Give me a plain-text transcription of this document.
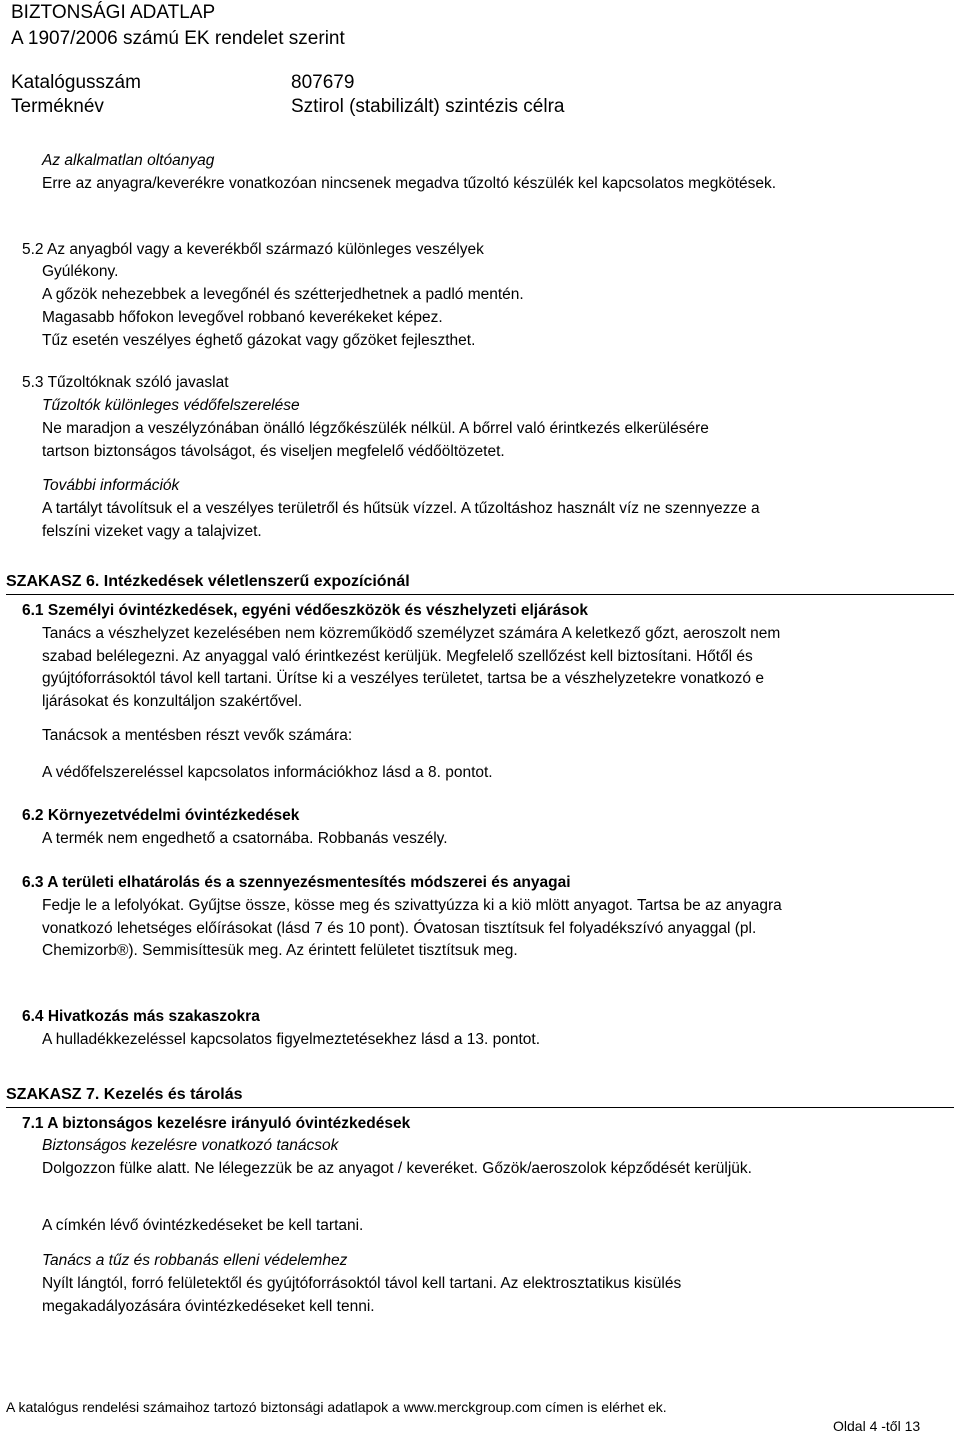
BIZTONSÁGI ADATLAP
A 1907/2006 számú EK rendelet szerint
Katalógusszám	807679
Terméknév	Sztirol (stabilizált) szintézis célra
Az alkalmatlan oltóanyag
Erre az anyagra/keverékre vonatkozóan nincsenek megadva tűzoltó készülék kel kapcsolatos megkötések.
5.2 Az anyagból vagy a keverékből származó különleges veszélyek
Gyúlékony.
A gőzök nehezebbek a levegőnél és szétterjedhetnek a padló mentén.
Magasabb hőfokon levegővel robbanó keverékeket képez.
Tűz esetén veszélyes éghető gázokat vagy gőzöket fejleszthet.
5.3 Tűzoltóknak szóló javaslat
Tűzoltók különleges védőfelszerelése
Ne maradjon a veszélyzónában önálló légzőkészülék nélkül. A bőrrel való érintkezés elkerülésére tartson biztonságos távolságot, és viseljen megfelelő védőöltözetet.
További információk
A tartályt távolítsuk el a veszélyes területről és hűtsük vízzel. A tűzoltáshoz használt víz ne szennyezze a felszíni vizeket vagy a talajvizet.
SZAKASZ 6. Intézkedések véletlenszerű expozíciónál
6.1 Személyi óvintézkedések, egyéni védőeszközök és vészhelyzeti eljárások
Tanács a vészhelyzet kezelésében nem közreműködő személyzet számára A keletkező gőzt, aeroszolt nem szabad belélegezni. Az anyaggal való érintkezést kerüljük. Megfelelő szellőzést kell biztosítani. Hőtől és gyújtóforrásoktól távol kell tartani. Ürítse ki a veszélyes területet, tartsa be a vészhelyzetekre vonatkozó e ljárásokat és konzultáljon szakértővel.
Tanácsok a mentésben részt vevők számára:
A védőfelszereléssel kapcsolatos információkhoz lásd a 8. pontot.
6.2 Környezetvédelmi óvintézkedések
A termék nem engedhető a csatornába. Robbanás veszély.
6.3 A területi elhatárolás és a szennyezésmentesítés módszerei és anyagai
Fedje le a lefolyókat. Gyűjtse össze, kösse meg és szivattyúzza ki a kiö mlött anyagot. Tartsa be az anyagra vonatkozó lehetséges előírásokat (lásd 7 és 10 pont). Óvatosan tisztítsuk fel folyadékszívó anyaggal (pl. Chemizorb®). Semmisíttesük meg. Az érintett felületet tisztítsuk meg.
6.4 Hivatkozás más szakaszokra
A hulladékkezeléssel kapcsolatos figyelmeztetésekhez lásd a 13. pontot.
SZAKASZ 7. Kezelés és tárolás
7.1 A biztonságos kezelésre irányuló óvintézkedések
Biztonságos kezelésre vonatkozó tanácsok
Dolgozzon fülke alatt. Ne lélegezzük be az anyagot / keveréket. Gőzök/aeroszolok képződését kerüljük.
A címkén lévő óvintézkedéseket be kell tartani.
Tanács a tűz és robbanás elleni védelemhez
Nyílt lángtól, forró felületektől és gyújtóforrásoktól távol kell tartani. Az elektrosztatikus kisülés megakadályozására óvintézkedéseket kell tenni.
A katalógus rendelési számaihoz tartozó biztonsági adatlapok a www.merckgroup.com címen is elérhet ek.
Oldal 4 -től 13
